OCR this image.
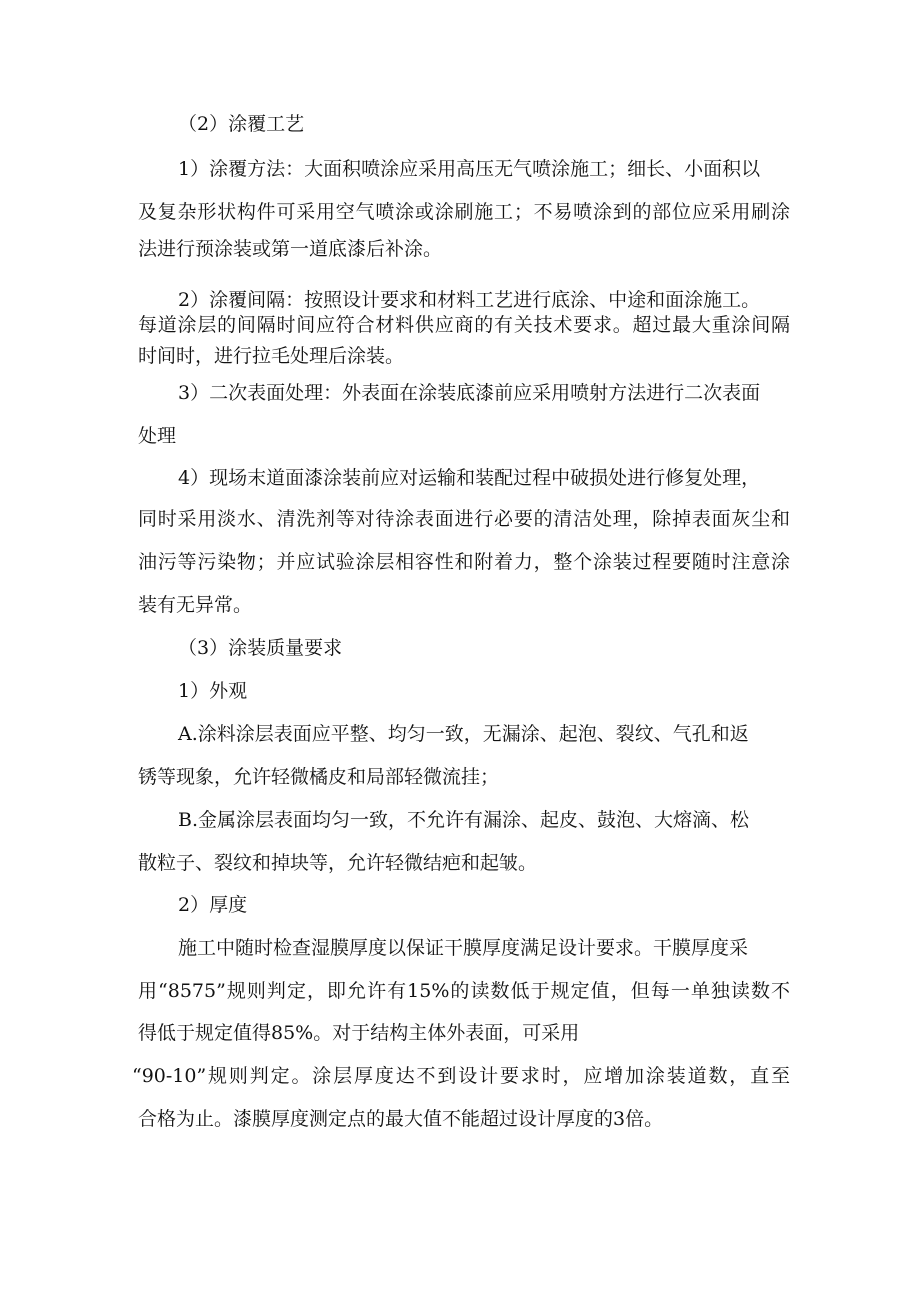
（2）涂覆工艺
1）涂覆方法：大面积喷涂应采用高压无气喷涂施工；细长、小面积以
及复杂形状构件可采用空气喷涂或涂刷施工；不易喷涂到的部位应采用刷涂
法进行预涂装或第一道底漆后补涂。
2）涂覆间隔：按照设计要求和材料工艺进行底涂、中途和面涂施工。
每道涂层的间隔时间应符合材料供应商的有关技术要求。超过最大重涂间隔
时间时，进行拉毛处理后涂装。
3）二次表面处理：外表面在涂装底漆前应采用喷射方法进行二次表面
处理
4）现场末道面漆涂装前应对运输和装配过程中破损处进行修复处理，
同时采用淡水、清洗剂等对待涂表面进行必要的清洁处理，除掉表面灰尘和
油污等污染物；并应试验涂层相容性和附着力，整个涂装过程要随时注意涂
装有无异常。
（3）涂装质量要求
1）外观
A.涂料涂层表面应平整、均匀一致，无漏涂、起泡、裂纹、气孔和返
锈等现象，允许轻微橘皮和局部轻微流挂；
B.金属涂层表面均匀一致，不允许有漏涂、起皮、鼓泡、大熔滴、松
散粒子、裂纹和掉块等，允许轻微结疤和起皱。
2）厚度
施工中随时检查湿膜厚度以保证干膜厚度满足设计要求。干膜厚度采
用“8575”规则判定，即允许有15%的读数低于规定值，但每一单独读数不
得低于规定值得85%。对于结构主体外表面，可采用
“90-10”规则判定。涂层厚度达不到设计要求时，应增加涂装道数，直至
合格为止。漆膜厚度测定点的最大值不能超过设计厚度的3倍。
